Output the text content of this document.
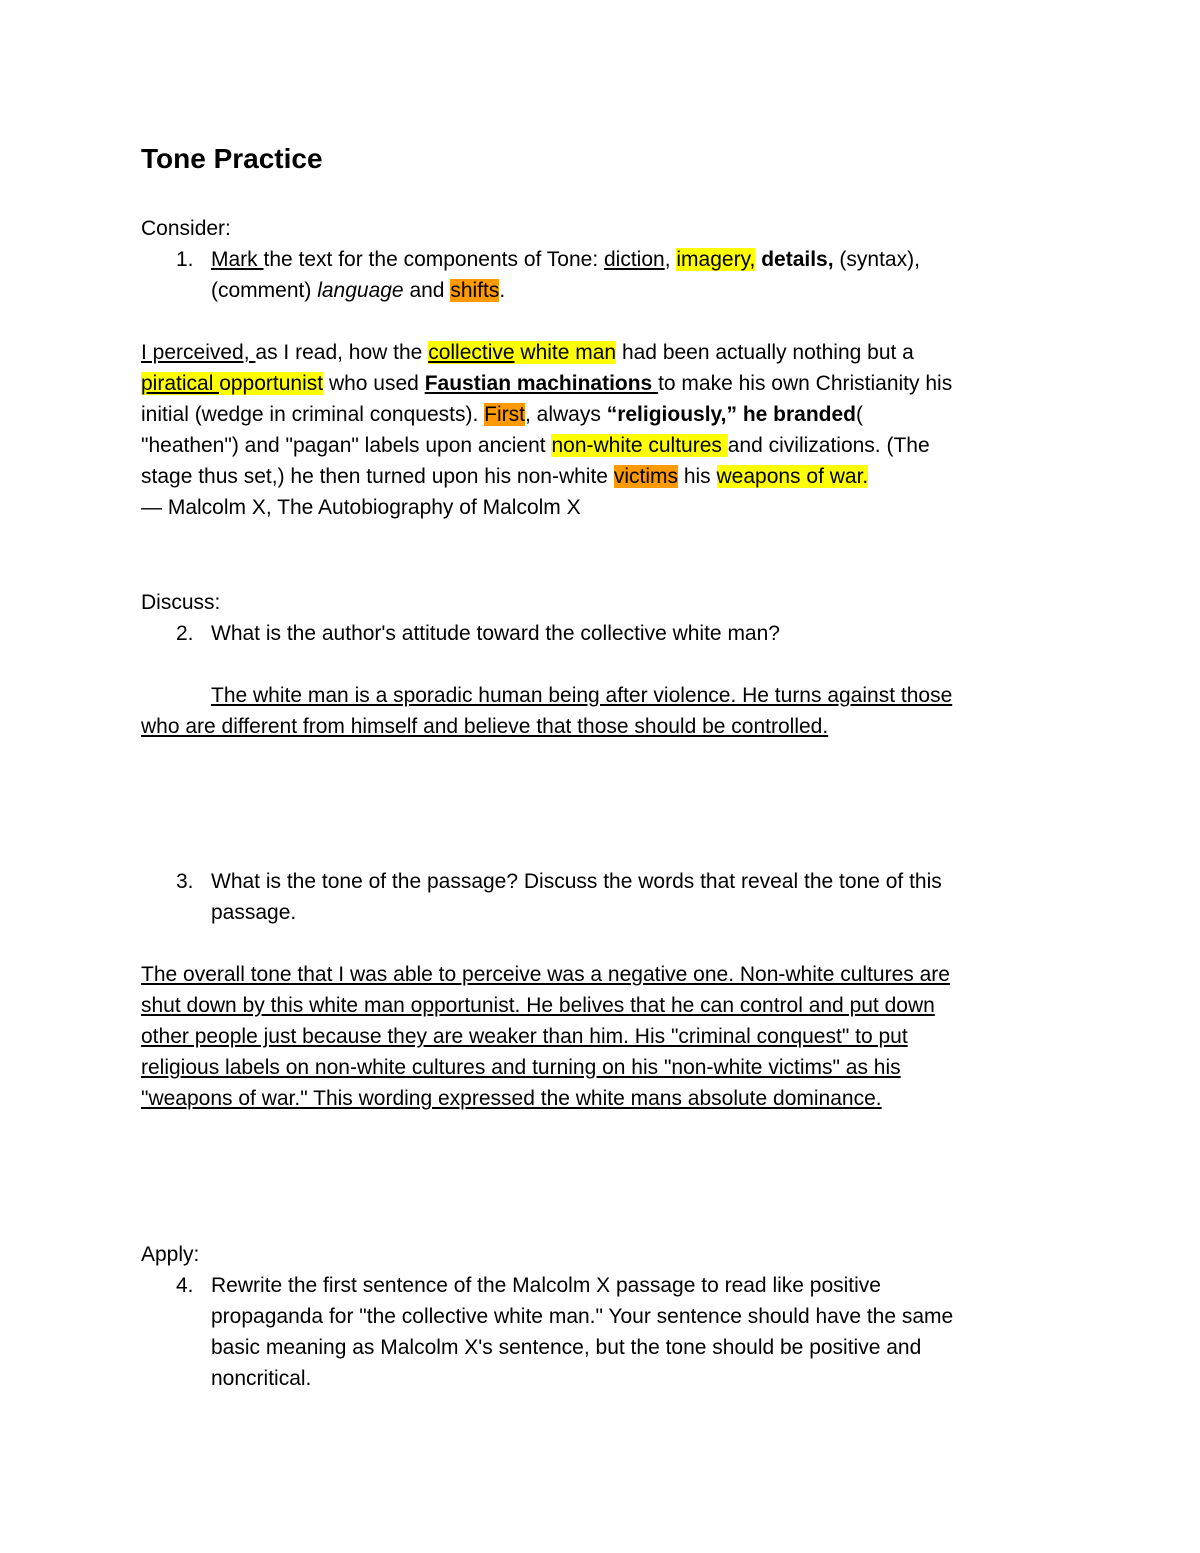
Tone Practice
Consider:
1. Mark the text for the components of Tone: diction, imagery, details, (syntax),
(comment) language and shifts.
I perceived, as I read, how the collective white man had been actually nothing but a
piratical opportunist who used Faustian machinations to make his own Christianity his
initial (wedge in criminal conquests). First, always “religiously,” he branded(
"heathen") and "pagan" labels upon ancient non-white cultures and civilizations. (The
stage thus set,) he then turned upon his non-white victims his weapons of war.
— Malcolm X, The Autobiography of Malcolm X
Discuss:
2. What is the author's attitude toward the collective white man?
The white man is a sporadic human being after violence. He turns against those
who are different from himself and believe that those should be controlled.
3. What is the tone of the passage? Discuss the words that reveal the tone of this
passage.
The overall tone that I was able to perceive was a negative one. Non-white cultures are
shut down by this white man opportunist. He belives that he can control and put down
other people just because they are weaker than him. His "criminal conquest" to put
religious labels on non-white cultures and turning on his "non-white victims" as his
"weapons of war." This wording expressed the white mans absolute dominance.
Apply:
4. Rewrite the first sentence of the Malcolm X passage to read like positive
propaganda for "the collective white man." Your sentence should have the same
basic meaning as Malcolm X's sentence, but the tone should be positive and
noncritical.
